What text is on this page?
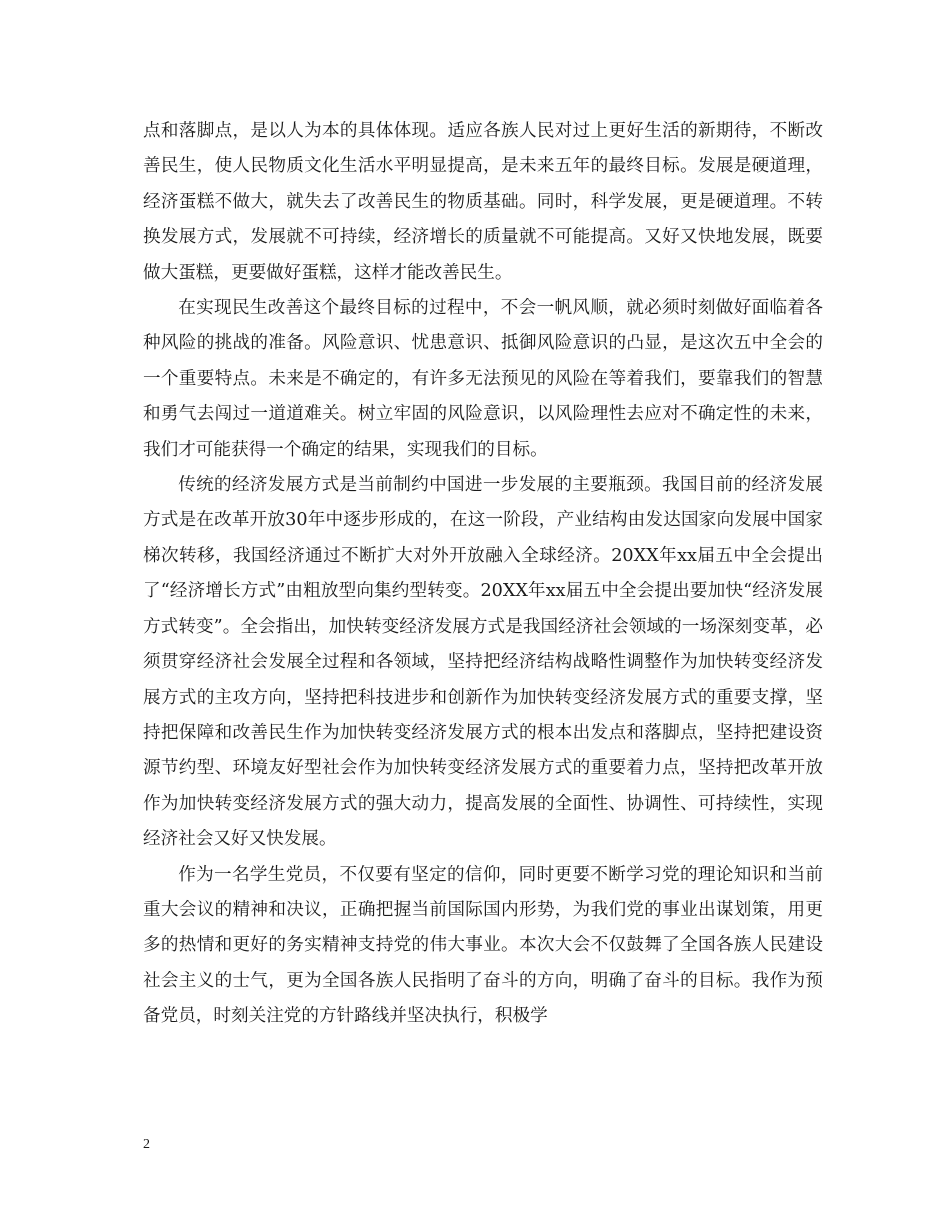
点和落脚点，是以人为本的具体体现。适应各族人民对过上更好生活的新期待，不断改善民生，使人民物质文化生活水平明显提高，是未来五年的最终目标。发展是硬道理，经济蛋糕不做大，就失去了改善民生的物质基础。同时，科学发展，更是硬道理。不转换发展方式，发展就不可持续，经济增长的质量就不可能提高。又好又快地发展，既要做大蛋糕，更要做好蛋糕，这样才能改善民生。

在实现民生改善这个最终目标的过程中，不会一帆风顺，就必须时刻做好面临着各种风险的挑战的准备。风险意识、忧患意识、抵御风险意识的凸显，是这次五中全会的一个重要特点。未来是不确定的，有许多无法预见的风险在等着我们，要靠我们的智慧和勇气去闯过一道道难关。树立牢固的风险意识，以风险理性去应对不确定性的未来，我们才可能获得一个确定的结果，实现我们的目标。

传统的经济发展方式是当前制约中国进一步发展的主要瓶颈。我国目前的经济发展方式是在改革开放30年中逐步形成的，在这一阶段，产业结构由发达国家向发展中国家梯次转移，我国经济通过不断扩大对外开放融入全球经济。20XX年xx届五中全会提出了“经济增长方式”由粗放型向集约型转变。20XX年xx届五中全会提出要加快“经济发展方式转变”。全会指出，加快转变经济发展方式是我国经济社会领域的一场深刻变革，必须贯穿经济社会发展全过程和各领域，坚持把经济结构战略性调整作为加快转变经济发展方式的主攻方向，坚持把科技进步和创新作为加快转变经济发展方式的重要支撑，坚持把保障和改善民生作为加快转变经济发展方式的根本出发点和落脚点，坚持把建设资源节约型、环境友好型社会作为加快转变经济发展方式的重要着力点，坚持把改革开放作为加快转变经济发展方式的强大动力，提高发展的全面性、协调性、可持续性，实现经济社会又好又快发展。

作为一名学生党员，不仅要有坚定的信仰，同时更要不断学习党的理论知识和当前重大会议的精神和决议，正确把握当前国际国内形势，为我们党的事业出谋划策，用更多的热情和更好的务实精神支持党的伟大事业。本次大会不仅鼓舞了全国各族人民建设社会主义的士气，更为全国各族人民指明了奋斗的方向，明确了奋斗的目标。我作为预备党员，时刻关注党的方针路线并坚决执行，积极学

2
